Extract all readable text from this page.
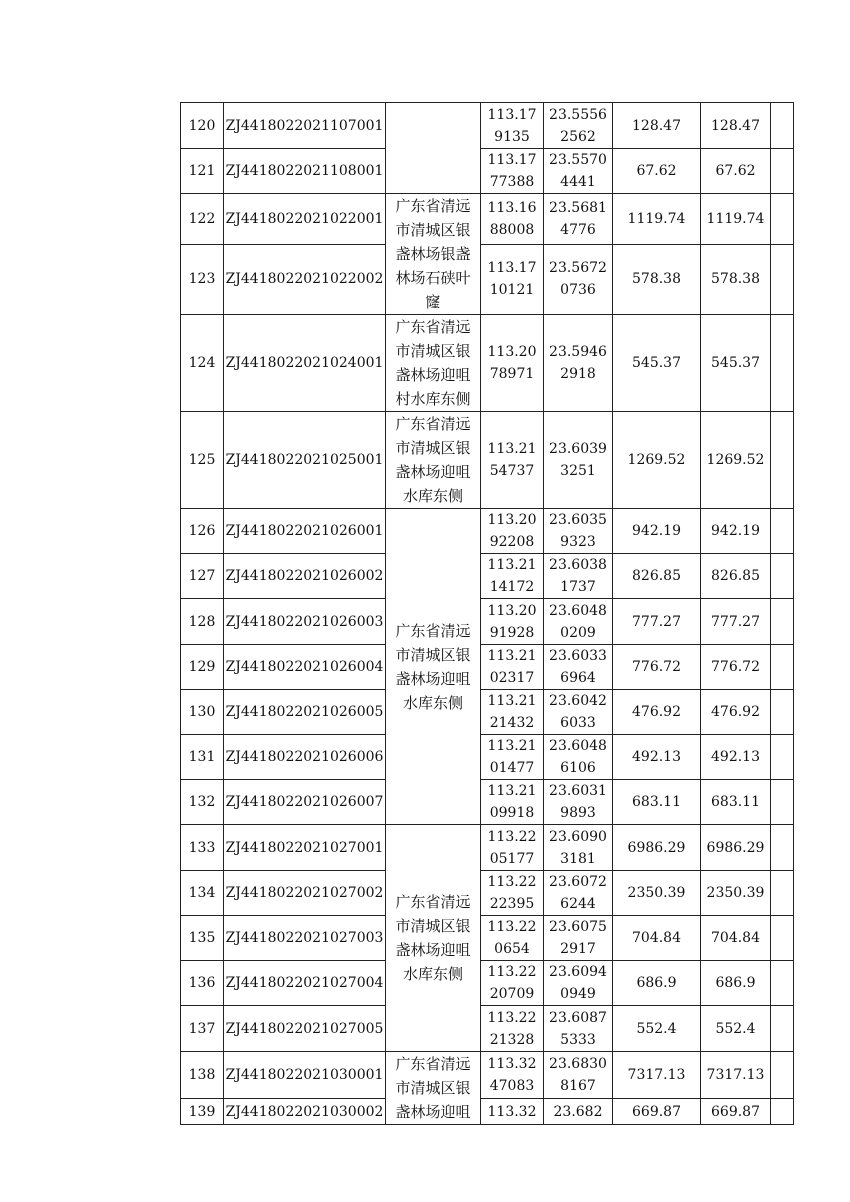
120	ZJ4418022021107001		113.179135	23.55562562	128.47	128.47	
121	ZJ4418022021108001		113.1777388	23.55704441	67.62	67.62	
122	ZJ4418022021022001	广东省清远市清城区银盏林场银盏林场石硖叶窿	113.1688008	23.56814776	1119.74	1119.74	
123	ZJ4418022021022002		113.1710121	23.56720736	578.38	578.38	
124	ZJ4418022021024001	广东省清远市清城区银盏林场迎咀村水库东侧	113.2078971	23.59462918	545.37	545.37	
125	ZJ4418022021025001	广东省清远市清城区银盏林场迎咀水库东侧	113.2154737	23.60393251	1269.52	1269.52	
126	ZJ4418022021026001	广东省清远市清城区银盏林场迎咀水库东侧	113.2092208	23.60359323	942.19	942.19	
127	ZJ4418022021026002		113.2114172	23.60381737	826.85	826.85	
128	ZJ4418022021026003		113.2091928	23.60480209	777.27	777.27	
129	ZJ4418022021026004		113.2102317	23.60336964	776.72	776.72	
130	ZJ4418022021026005		113.2121432	23.60426033	476.92	476.92	
131	ZJ4418022021026006		113.2101477	23.60486106	492.13	492.13	
132	ZJ4418022021026007		113.2109918	23.60319893	683.11	683.11	
133	ZJ4418022021027001	广东省清远市清城区银盏林场迎咀水库东侧	113.2205177	23.60903181	6986.29	6986.29	
134	ZJ4418022021027002		113.2222395	23.60726244	2350.39	2350.39	
135	ZJ4418022021027003		113.220654	23.60752917	704.84	704.84	
136	ZJ4418022021027004		113.2220709	23.60940949	686.9	686.9	
137	ZJ4418022021027005		113.2221328	23.60875333	552.4	552.4	
138	ZJ4418022021030001	广东省清远市清城区银盏林场迎咀	113.3247083	23.68308167	7317.13	7317.13	
139	ZJ4418022021030002		113.32	23.682	669.87	669.87	
